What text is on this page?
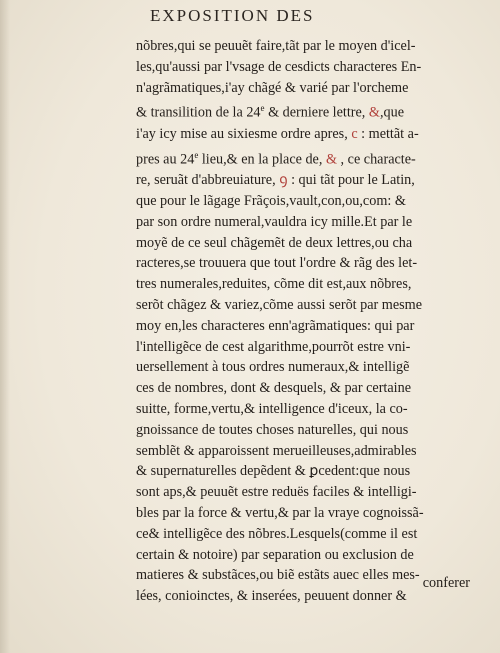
EXPOSITION DES
nõbres,qui se peuuẽt faire,tãt par le moyen d'icel-
les,qu'aussi par l'vsage de cesdicts characteres En-
n'agrãmatiques,i'ay chãgé & varié par l'orcheme
& transilition de la 24e & derniere lettre, &,que
i'ay icy mise au sixiesme ordre apres, c : mettãt a-
pres au 24e lieu,& en la place de, & , ce characte-
re, seruãt d'abbreuiature, ꝯ : qui tãt pour le Latin,
que pour le lãgage Frãçois,vault,con,ou,com: &
par son ordre numeral,vauldra icy mille.Et par le
moyẽ de ce seul chãgemẽt de deux lettres,ou cha
racteres,se trouuera que tout l'ordre & rãg des let-
tres numerales,reduites, cõme dit est,aux nõbres,
serõt chãgez & variez,cõme aussi serõt par mesme
moy en,les characteres enn'agrãmatiques: qui par
l'intelligẽce de cest algarithme,pourrõt estre vni-
uersellement à tous ordres numeraux,& intelligẽ
ces de nombres, dont & desquels, & par certaine
suitte, forme,vertu,& intelligence d'iceux, la co-
gnoissance de toutes choses naturelles, qui nous
semblẽt & apparoissent merueilleuses,admirables
& supernaturelles depẽdent & ꝑcedent:que nous
sont aps,& peuuẽt estre reduës faciles & intelligi-
bles par la force & vertu,& par la vraye cognoissã-
ce& intelligẽce des nõbres.Lesquels(comme il est
certain & notoire) par separation ou exclusion de
matieres & substãces,ou biẽ estãts auec elles mes-
lées, conioinctes, & inserées, peuuent donner &
conferer
